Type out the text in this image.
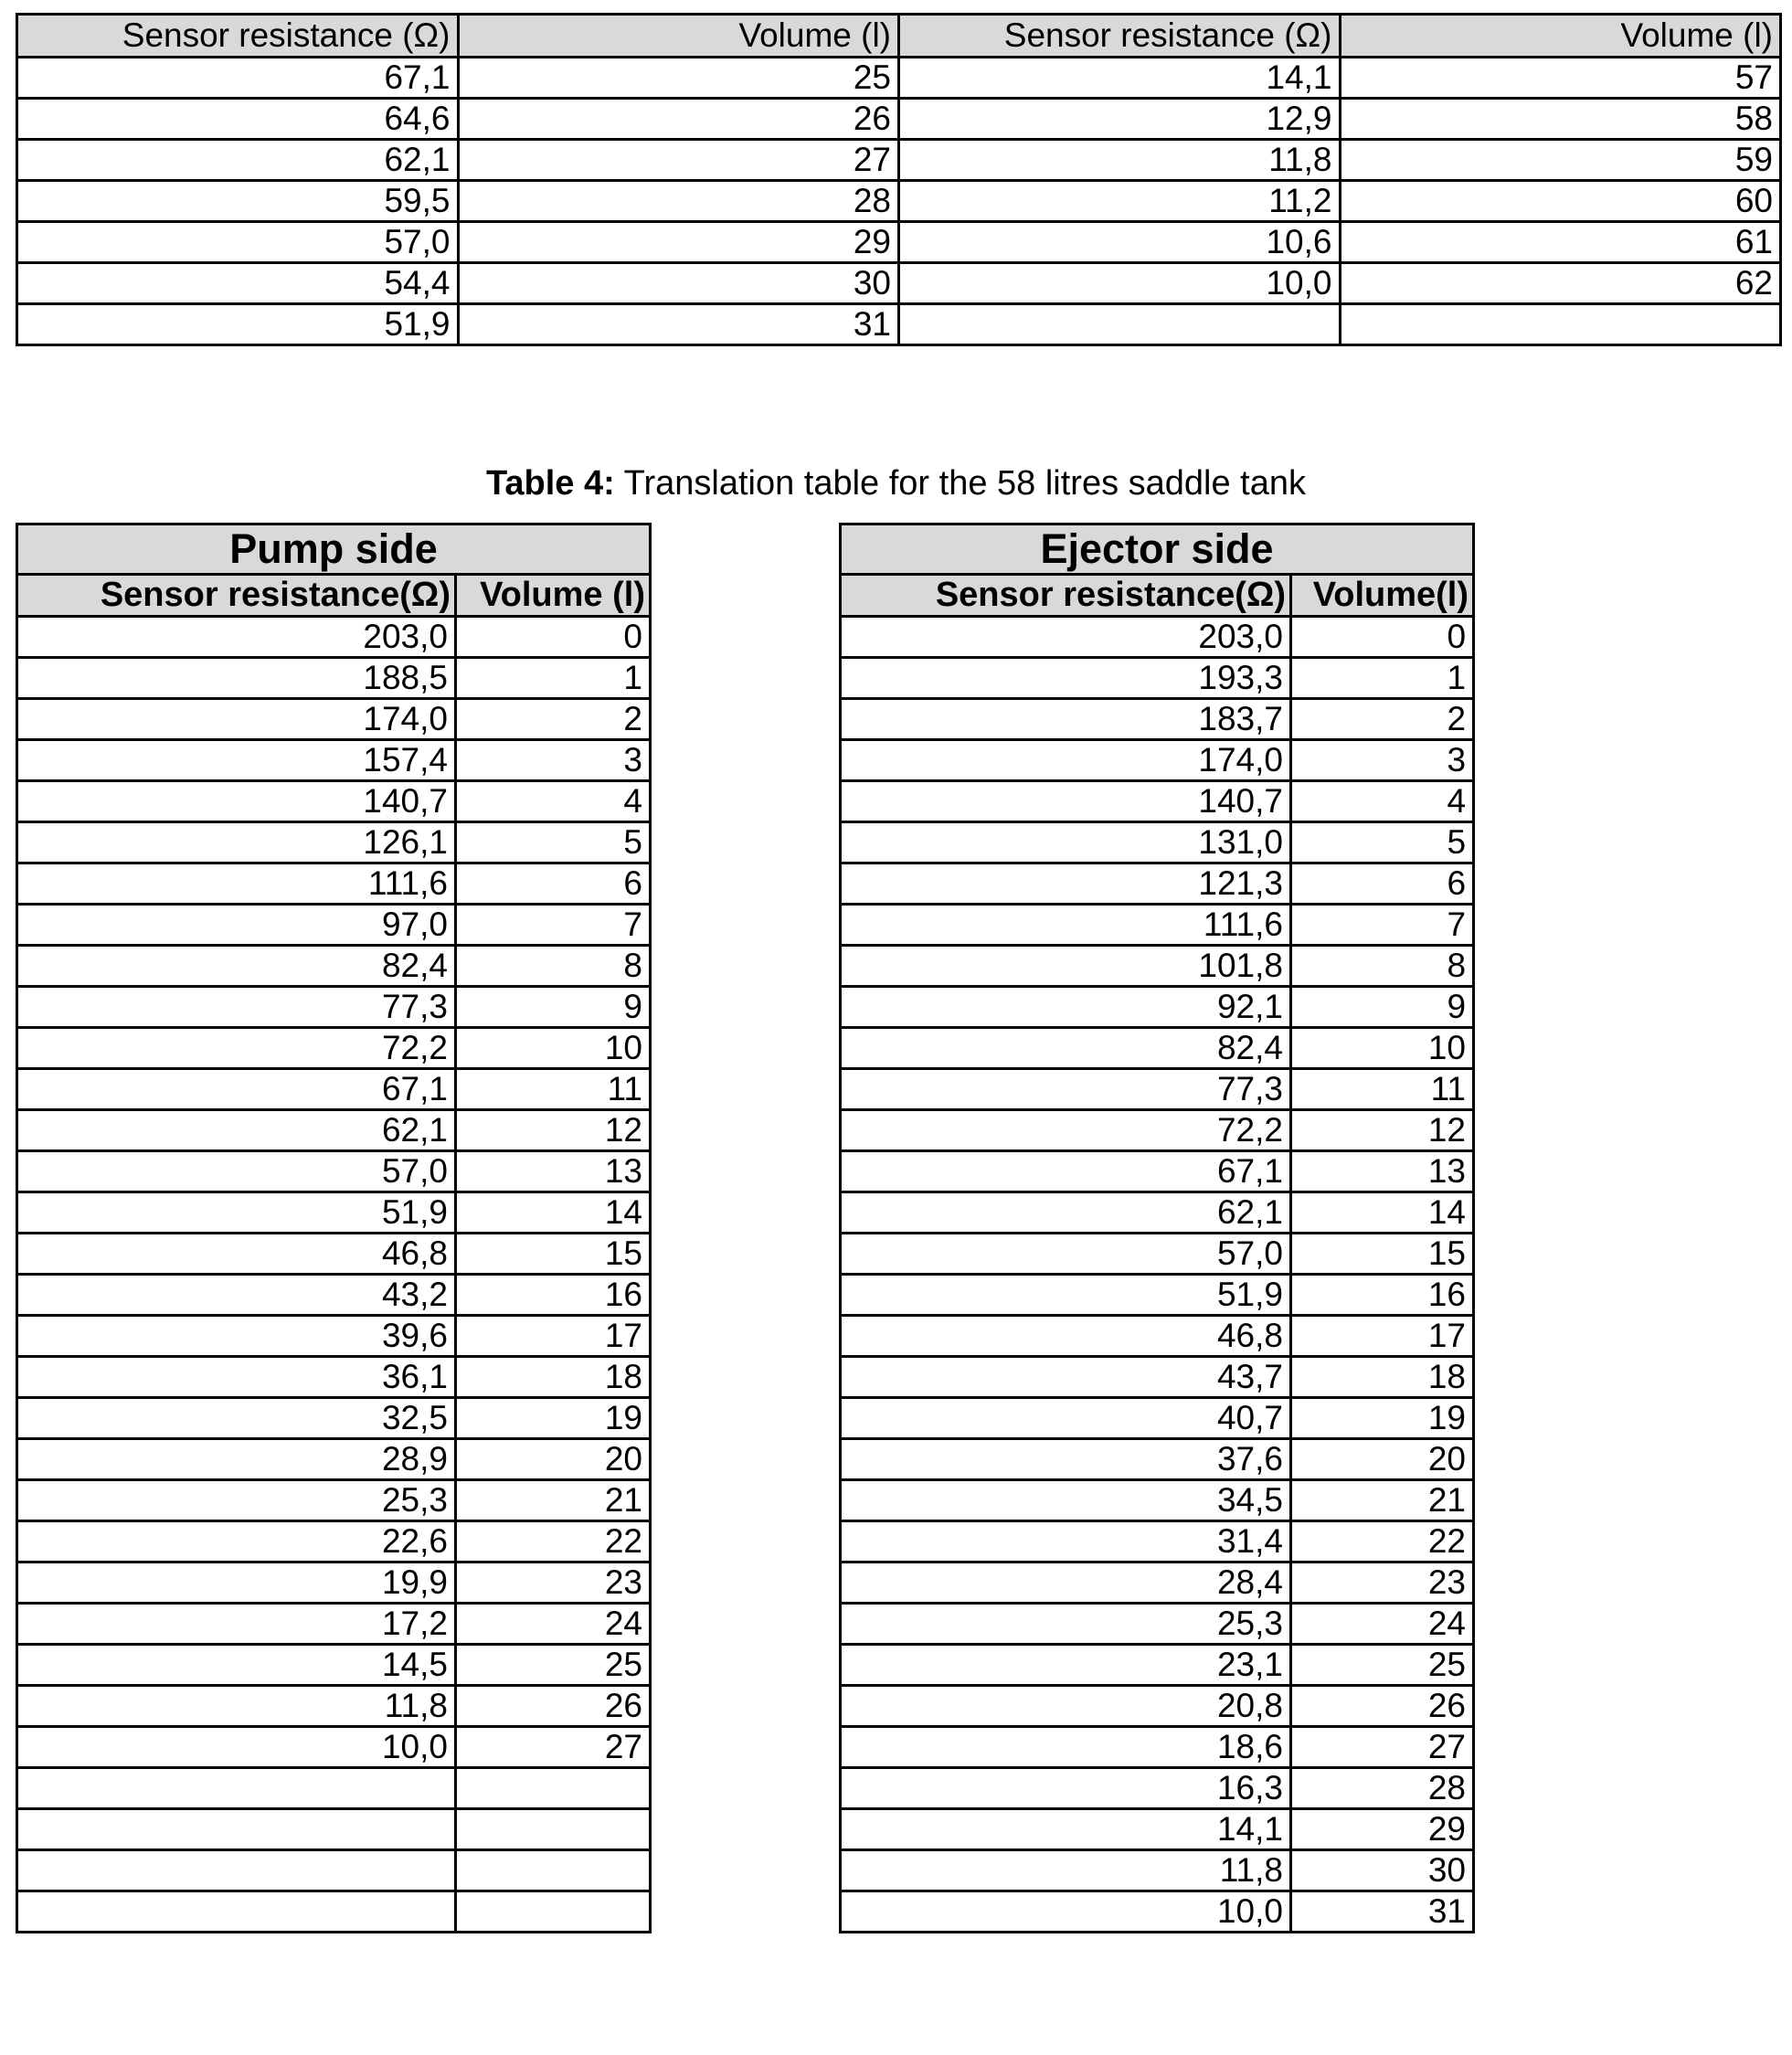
Sensor resistance (Ω)	Volume (l)	Sensor resistance (Ω)	Volume (l)
67,1	25	14,1	57
64,6	26	12,9	58
62,1	27	11,8	59
59,5	28	11,2	60
57,0	29	10,6	61
54,4	30	10,0	62
51,9	31		

Table 4: Translation table for the 58 litres saddle tank

Pump side	
Sensor resistance(Ω)	Volume (l)
203,0	0
188,5	1
174,0	2
157,4	3
140,7	4
126,1	5
111,6	6
97,0	7
82,4	8
77,3	9
72,2	10
67,1	11
62,1	12
57,0	13
51,9	14
46,8	15
43,2	16
39,6	17
36,1	18
32,5	19
28,9	20
25,3	21
22,6	22
19,9	23
17,2	24
14,5	25
11,8	26
10,0	27

Ejector side	
Sensor resistance(Ω)	Volume(l)
203,0	0
193,3	1
183,7	2
174,0	3
140,7	4
131,0	5
121,3	6
111,6	7
101,8	8
92,1	9
82,4	10
77,3	11
72,2	12
67,1	13
62,1	14
57,0	15
51,9	16
46,8	17
43,7	18
40,7	19
37,6	20
34,5	21
31,4	22
28,4	23
25,3	24
23,1	25
20,8	26
18,6	27
16,3	28
14,1	29
11,8	30
10,0	31
